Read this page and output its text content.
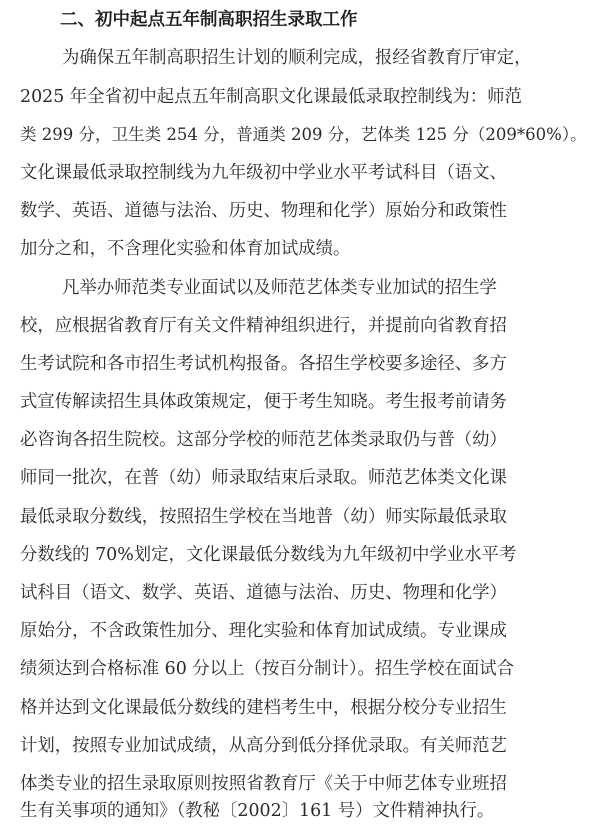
二、初中起点五年制高职招生录取工作
为确保五年制高职招生计划的顺利完成，报经省教育厅审定，
2025 年全省初中起点五年制高职文化课最低录取控制线为：师范
类 299 分，卫生类 254 分，普通类 209 分，艺体类 125 分（209*60%）。
文化课最低录取控制线为九年级初中学业水平考试科目（语文、
数学、英语、道德与法治、历史、物理和化学）原始分和政策性
加分之和，不含理化实验和体育加试成绩。
凡举办师范类专业面试以及师范艺体类专业加试的招生学
校，应根据省教育厅有关文件精神组织进行，并提前向省教育招
生考试院和各市招生考试机构报备。各招生学校要多途径、多方
式宣传解读招生具体政策规定，便于考生知晓。考生报考前请务
必咨询各招生院校。这部分学校的师范艺体类录取仍与普（幼）
师同一批次，在普（幼）师录取结束后录取。师范艺体类文化课
最低录取分数线，按照招生学校在当地普（幼）师实际最低录取
分数线的 70%划定，文化课最低分数线为九年级初中学业水平考
试科目（语文、数学、英语、道德与法治、历史、物理和化学）
原始分，不含政策性加分、理化实验和体育加试成绩。专业课成
绩须达到合格标准 60 分以上（按百分制计）。招生学校在面试合
格并达到文化课最低分数线的建档考生中，根据分校分专业招生
计划，按照专业加试成绩，从高分到低分择优录取。有关师范艺
体类专业的招生录取原则按照省教育厅《关于中师艺体专业班招
生有关事项的通知》（教秘〔2002〕161 号）文件精神执行。
